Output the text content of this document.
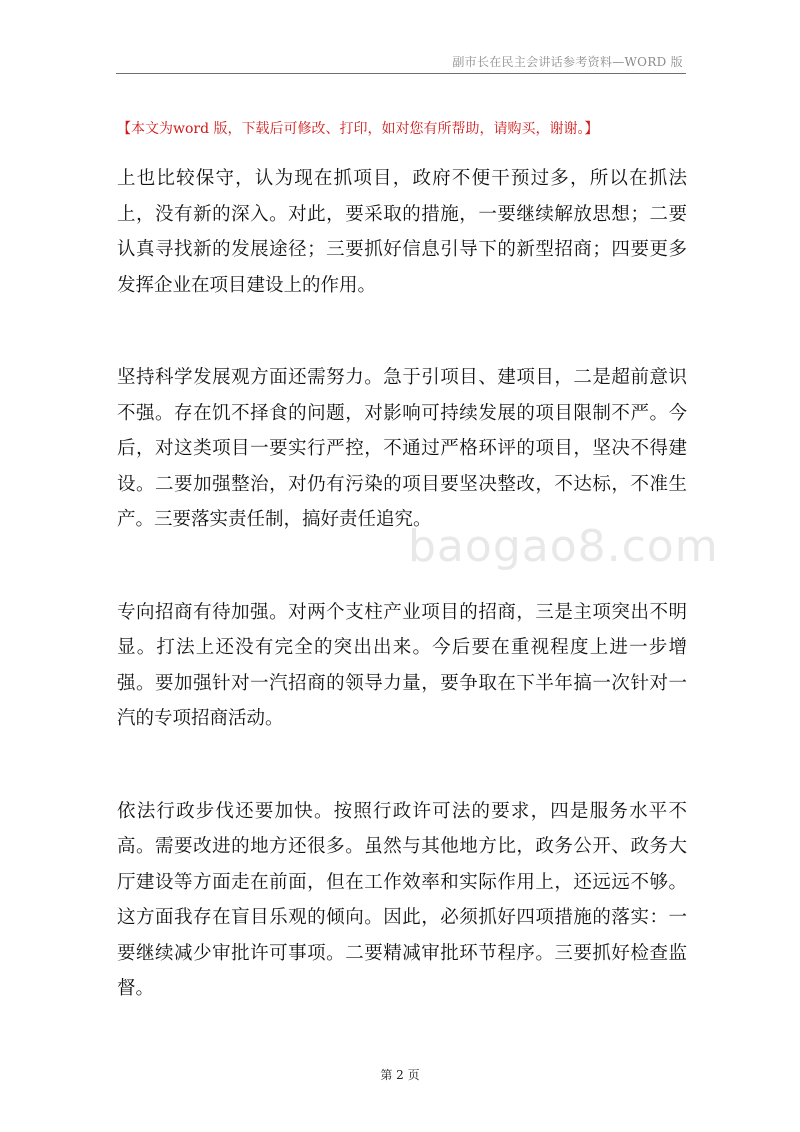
副市长在民主会讲话参考资料—WORD 版
【本文为word 版，下载后可修改、打印，如对您有所帮助，请购买，谢谢。】

上也比较保守，认为现在抓项目，政府不便干预过多，所以在抓法上，没有新的深入。对此，要采取的措施，一要继续解放思想；二要认真寻找新的发展途径；三要抓好信息引导下的新型招商；四要更多发挥企业在项目建设上的作用。

坚持科学发展观方面还需努力。急于引项目、建项目，二是超前意识不强。存在饥不择食的问题，对影响可持续发展的项目限制不严。今后，对这类项目一要实行严控，不通过严格环评的项目，坚决不得建设。二要加强整治，对仍有污染的项目要坚决整改，不达标，不准生产。三要落实责任制，搞好责任追究。

专向招商有待加强。对两个支柱产业项目的招商，三是主项突出不明显。打法上还没有完全的突出出来。今后要在重视程度上进一步增强。要加强针对一汽招商的领导力量，要争取在下半年搞一次针对一汽的专项招商活动。

依法行政步伐还要加快。按照行政许可法的要求，四是服务水平不高。需要改进的地方还很多。虽然与其他地方比，政务公开、政务大厅建设等方面走在前面，但在工作效率和实际作用上，还远远不够。这方面我存在盲目乐观的倾向。因此，必须抓好四项措施的落实：一要继续减少审批许可事项。二要精减审批环节程序。三要抓好检查监督。

baogao8.com
第 2 页
